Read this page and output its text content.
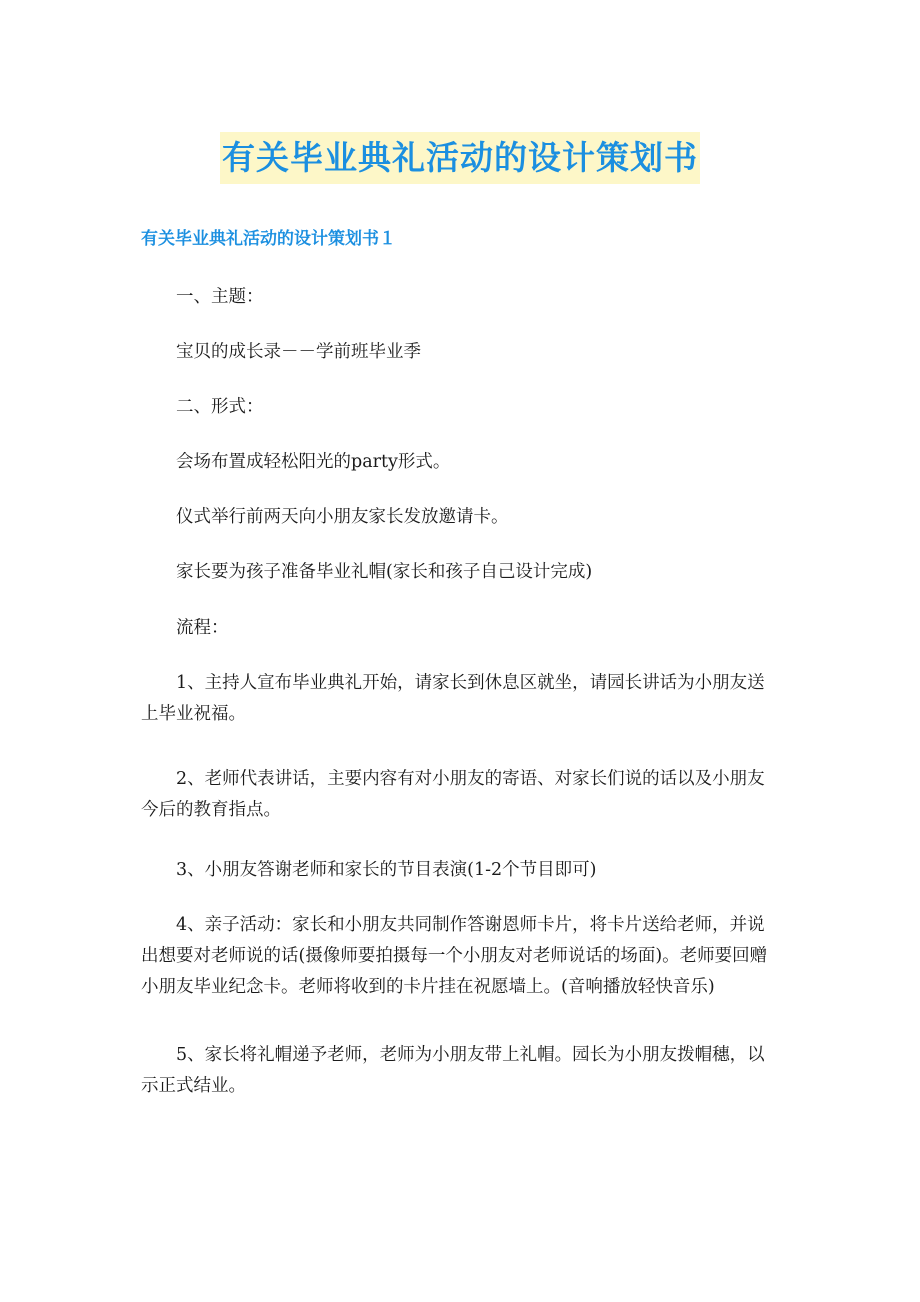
有关毕业典礼活动的设计策划书
有关毕业典礼活动的设计策划书１

一、主题：

宝贝的成长录－－学前班毕业季

二、形式：

会场布置成轻松阳光的party形式。

仪式举行前两天向小朋友家长发放邀请卡。

家长要为孩子准备毕业礼帽(家长和孩子自己设计完成)

流程：

1、主持人宣布毕业典礼开始，请家长到休息区就坐，请园长讲话为小朋友送上毕业祝福。

2、老师代表讲话，主要内容有对小朋友的寄语、对家长们说的话以及小朋友今后的教育指点。

3、小朋友答谢老师和家长的节目表演(1-2个节目即可)

4、亲子活动：家长和小朋友共同制作答谢恩师卡片，将卡片送给老师，并说出想要对老师说的话(摄像师要拍摄每一个小朋友对老师说话的场面)。老师要回赠小朋友毕业纪念卡。老师将收到的卡片挂在祝愿墙上。(音响播放轻快音乐)

5、家长将礼帽递予老师，老师为小朋友带上礼帽。园长为小朋友拨帽穗，以示正式结业。
